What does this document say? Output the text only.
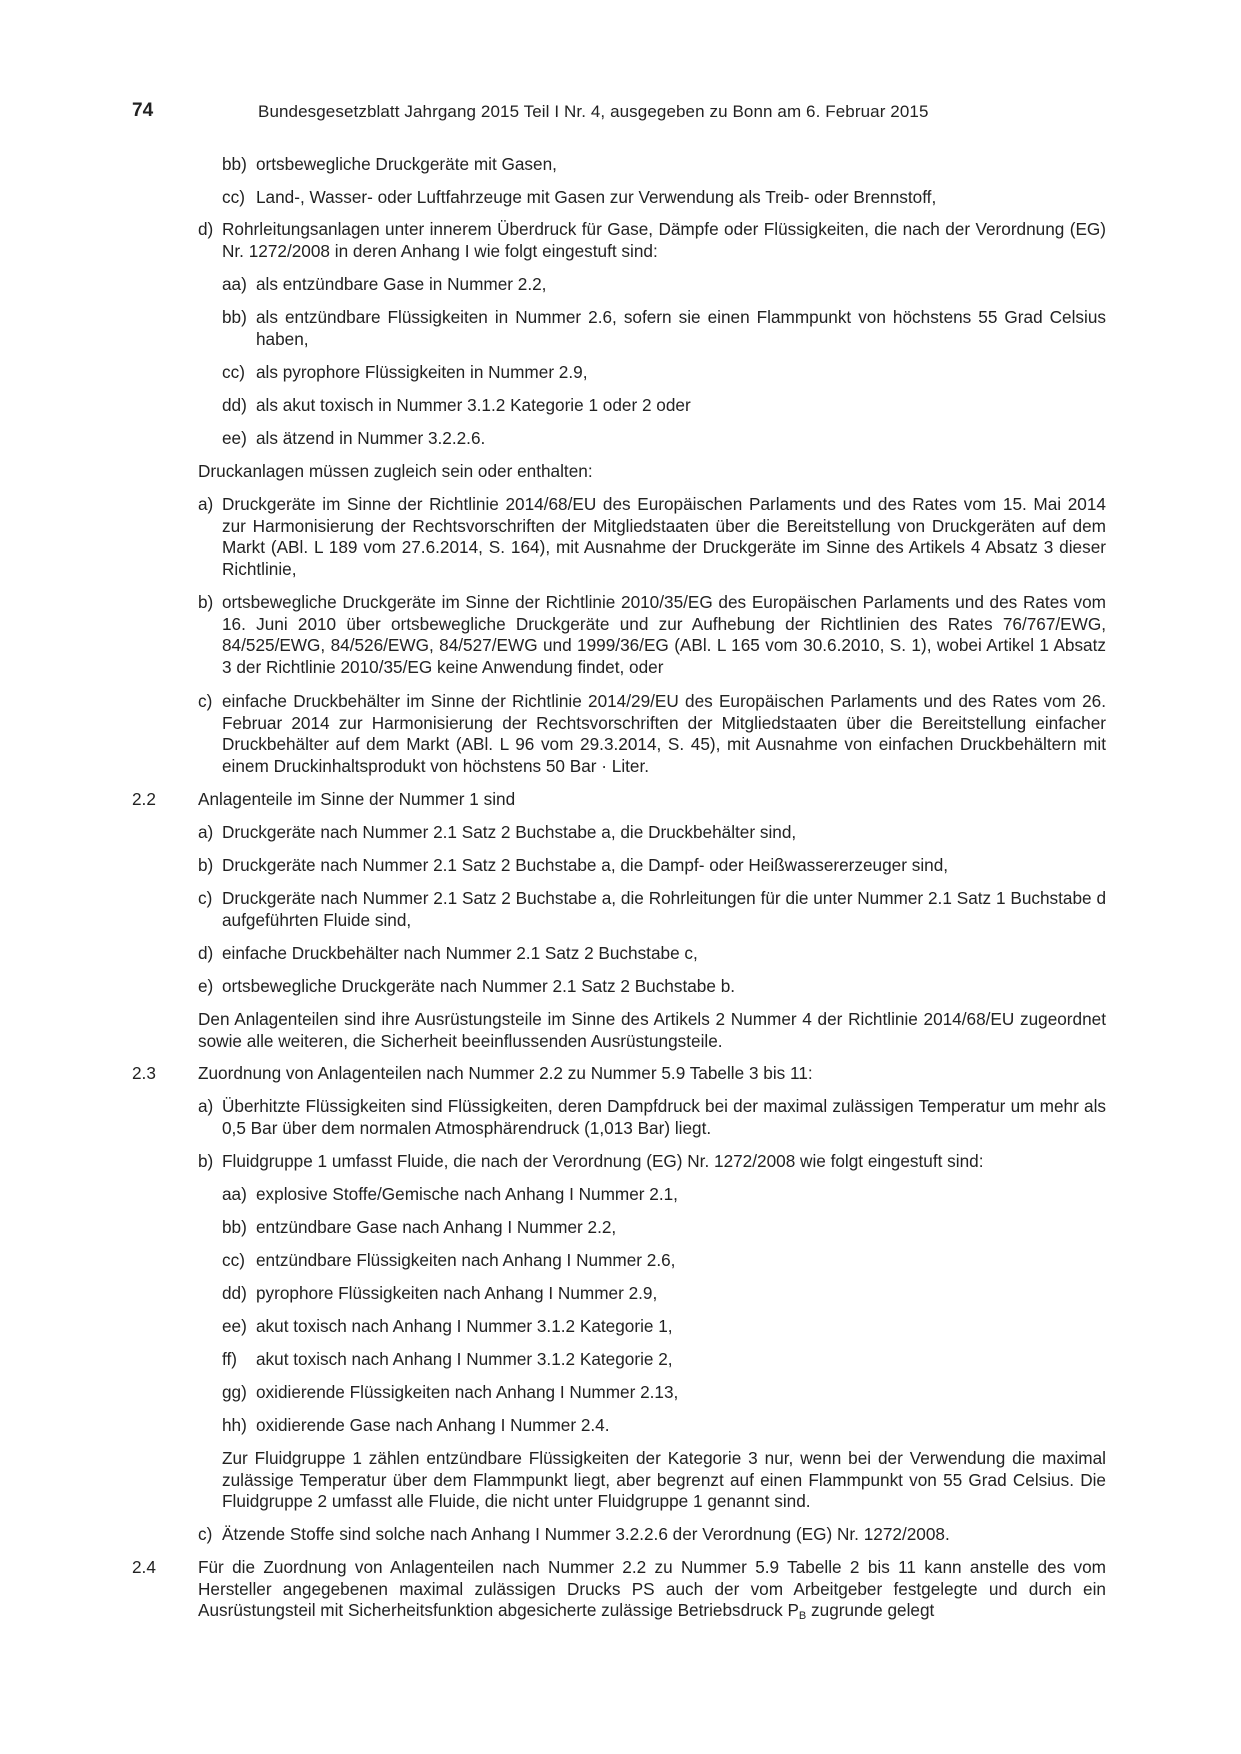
74	Bundesgesetzblatt Jahrgang 2015 Teil I Nr. 4, ausgegeben zu Bonn am 6. Februar 2015
bb) ortsbewegliche Druckgeräte mit Gasen,
cc) Land-, Wasser- oder Luftfahrzeuge mit Gasen zur Verwendung als Treib- oder Brennstoff,
d) Rohrleitungsanlagen unter innerem Überdruck für Gase, Dämpfe oder Flüssigkeiten, die nach der Verordnung (EG) Nr. 1272/2008 in deren Anhang I wie folgt eingestuft sind:
aa) als entzündbare Gase in Nummer 2.2,
bb) als entzündbare Flüssigkeiten in Nummer 2.6, sofern sie einen Flammpunkt von höchstens 55 Grad Celsius haben,
cc) als pyrophore Flüssigkeiten in Nummer 2.9,
dd) als akut toxisch in Nummer 3.1.2 Kategorie 1 oder 2 oder
ee) als ätzend in Nummer 3.2.2.6.
Druckanlagen müssen zugleich sein oder enthalten:
a) Druckgeräte im Sinne der Richtlinie 2014/68/EU des Europäischen Parlaments und des Rates vom 15. Mai 2014 zur Harmonisierung der Rechtsvorschriften der Mitgliedstaaten über die Bereitstellung von Druckgeräten auf dem Markt (ABl. L 189 vom 27.6.2014, S. 164), mit Ausnahme der Druckgeräte im Sinne des Artikels 4 Absatz 3 dieser Richtlinie,
b) ortsbewegliche Druckgeräte im Sinne der Richtlinie 2010/35/EG des Europäischen Parlaments und des Rates vom 16. Juni 2010 über ortsbewegliche Druckgeräte und zur Aufhebung der Richtlinien des Rates 76/767/EWG, 84/525/EWG, 84/526/EWG, 84/527/EWG und 1999/36/EG (ABl. L 165 vom 30.6.2010, S. 1), wobei Artikel 1 Absatz 3 der Richtlinie 2010/35/EG keine Anwendung findet, oder
c) einfache Druckbehälter im Sinne der Richtlinie 2014/29/EU des Europäischen Parlaments und des Rates vom 26. Februar 2014 zur Harmonisierung der Rechtsvorschriften der Mitgliedstaaten über die Bereitstellung einfacher Druckbehälter auf dem Markt (ABl. L 96 vom 29.3.2014, S. 45), mit Ausnahme von einfachen Druckbehältern mit einem Druckinhaltsprodukt von höchstens 50 Bar · Liter.
2.2 Anlagenteile im Sinne der Nummer 1 sind
a) Druckgeräte nach Nummer 2.1 Satz 2 Buchstabe a, die Druckbehälter sind,
b) Druckgeräte nach Nummer 2.1 Satz 2 Buchstabe a, die Dampf- oder Heißwassererzeuger sind,
c) Druckgeräte nach Nummer 2.1 Satz 2 Buchstabe a, die Rohrleitungen für die unter Nummer 2.1 Satz 1 Buchstabe d aufgeführten Fluide sind,
d) einfache Druckbehälter nach Nummer 2.1 Satz 2 Buchstabe c,
e) ortsbewegliche Druckgeräte nach Nummer 2.1 Satz 2 Buchstabe b.
Den Anlagenteilen sind ihre Ausrüstungsteile im Sinne des Artikels 2 Nummer 4 der Richtlinie 2014/68/EU zugeordnet sowie alle weiteren, die Sicherheit beeinflussenden Ausrüstungsteile.
2.3 Zuordnung von Anlagenteilen nach Nummer 2.2 zu Nummer 5.9 Tabelle 3 bis 11:
a) Überhitzte Flüssigkeiten sind Flüssigkeiten, deren Dampfdruck bei der maximal zulässigen Temperatur um mehr als 0,5 Bar über dem normalen Atmosphärendruck (1,013 Bar) liegt.
b) Fluidgruppe 1 umfasst Fluide, die nach der Verordnung (EG) Nr. 1272/2008 wie folgt eingestuft sind:
aa) explosive Stoffe/Gemische nach Anhang I Nummer 2.1,
bb) entzündbare Gase nach Anhang I Nummer 2.2,
cc) entzündbare Flüssigkeiten nach Anhang I Nummer 2.6,
dd) pyrophore Flüssigkeiten nach Anhang I Nummer 2.9,
ee) akut toxisch nach Anhang I Nummer 3.1.2 Kategorie 1,
ff) akut toxisch nach Anhang I Nummer 3.1.2 Kategorie 2,
gg) oxidierende Flüssigkeiten nach Anhang I Nummer 2.13,
hh) oxidierende Gase nach Anhang I Nummer 2.4.
Zur Fluidgruppe 1 zählen entzündbare Flüssigkeiten der Kategorie 3 nur, wenn bei der Verwendung die maximal zulässige Temperatur über dem Flammpunkt liegt, aber begrenzt auf einen Flammpunkt von 55 Grad Celsius. Die Fluidgruppe 2 umfasst alle Fluide, die nicht unter Fluidgruppe 1 genannt sind.
c) Ätzende Stoffe sind solche nach Anhang I Nummer 3.2.2.6 der Verordnung (EG) Nr. 1272/2008.
2.4 Für die Zuordnung von Anlagenteilen nach Nummer 2.2 zu Nummer 5.9 Tabelle 2 bis 11 kann anstelle des vom Hersteller angegebenen maximal zulässigen Drucks PS auch der vom Arbeitgeber festgelegte und durch ein Ausrüstungsteil mit Sicherheitsfunktion abgesicherte zulässige Betriebsdruck $P_B$ zugrunde gelegt
